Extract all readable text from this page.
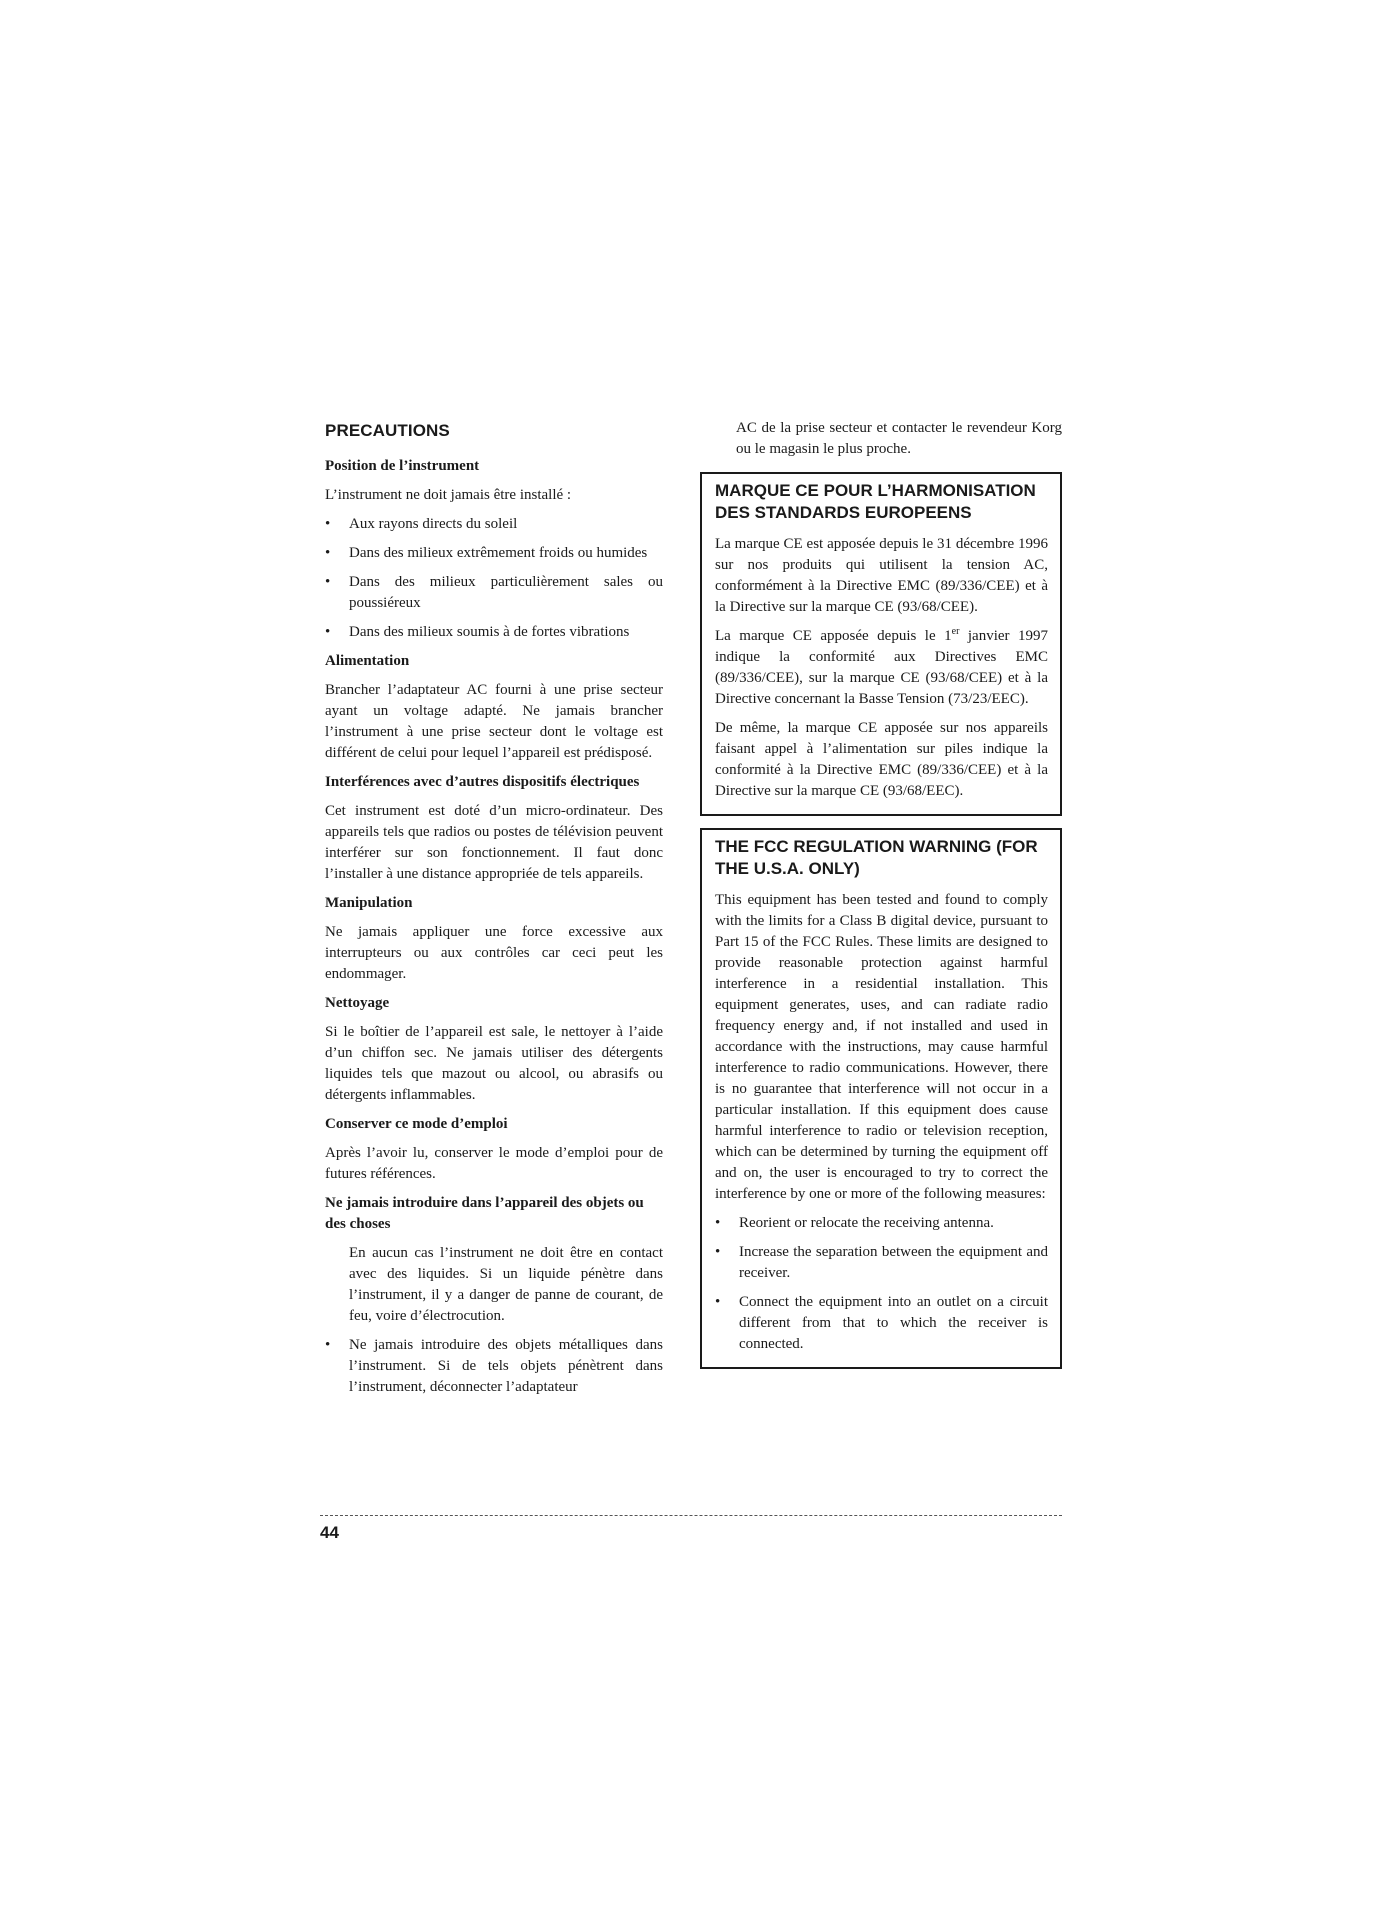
PRECAUTIONS
Position de l’instrument

L’instrument ne doit jamais être installé :

• Aux rayons directs du soleil
• Dans des milieux extrêmement froids ou humides
• Dans des milieux particulièrement sales ou poussiéreux
• Dans des milieux soumis à de fortes vibrations
Alimentation

Brancher l’adaptateur AC fourni à une prise secteur ayant un voltage adapté. Ne jamais brancher l’instrument à une prise secteur dont le voltage est différent de celui pour lequel l’appareil est prédisposé.

Interférences avec d’autres dispositifs électriques

Cet instrument est doté d’un micro-ordinateur. Des appareils tels que radios ou postes de télévision peuvent interférer sur son fonctionnement. Il faut donc l’installer à une distance appropriée de tels appareils.

Manipulation

Ne jamais appliquer une force excessive aux interrupteurs ou aux contrôles car ceci peut les endommager.

Nettoyage

Si le boîtier de l’appareil est sale, le nettoyer à l’aide d’un chiffon sec. Ne jamais utiliser des détergents liquides tels que mazout ou alcool, ou abrasifs ou détergents inflammables.

Conserver ce mode d’emploi

Après l’avoir lu, conserver le mode d’emploi pour de futures références.

Ne jamais introduire dans l’appareil des objets ou des choses

En aucun cas l’instrument ne doit être en contact avec des liquides. Si un liquide pénètre dans l’instrument, il y a danger de panne de courant, de feu, voire d’électrocution.

• Ne jamais introduire des objets métalliques dans l’instrument. Si de tels objets pénètrent dans l’instrument, déconnecter l’adaptateur

AC de la prise secteur et contacter le revendeur Korg ou le magasin le plus proche.

MARQUE CE POUR L’HARMONISATION DES STANDARDS EUROPEENS

La marque CE est apposée depuis le 31 décembre 1996 sur nos produits qui utilisent la tension AC, conformément à la Directive EMC (89/336/CEE) et à la Directive sur la marque CE (93/68/CEE).

La marque CE apposée depuis le 1er janvier 1997 indique la conformité aux Directives EMC (89/336/CEE), sur la marque CE (93/68/CEE) et à la Directive concernant la Basse Tension (73/23/EEC).

De même, la marque CE apposée sur nos appareils faisant appel à l’alimentation sur piles indique la conformité à la Directive EMC (89/336/CEE) et à la Directive sur la marque CE (93/68/EEC).

THE FCC REGULATION WARNING (FOR THE U.S.A. ONLY)

This equipment has been tested and found to comply with the limits for a Class B digital device, pursuant to Part 15 of the FCC Rules. These limits are designed to provide reasonable protection against harmful interference in a residential installation. This equipment generates, uses, and can radiate radio frequency energy and, if not installed and used in accordance with the instructions, may cause harmful interference to radio communications. However, there is no guarantee that interference will not occur in a particular installation. If this equipment does cause harmful interference to radio or television reception, which can be determined by turning the equipment off and on, the user is encouraged to try to correct the interference by one or more of the following measures:

• Reorient or relocate the receiving antenna.
• Increase the separation between the equipment and receiver.
• Connect the equipment into an outlet on a circuit different from that to which the receiver is connected.
44
